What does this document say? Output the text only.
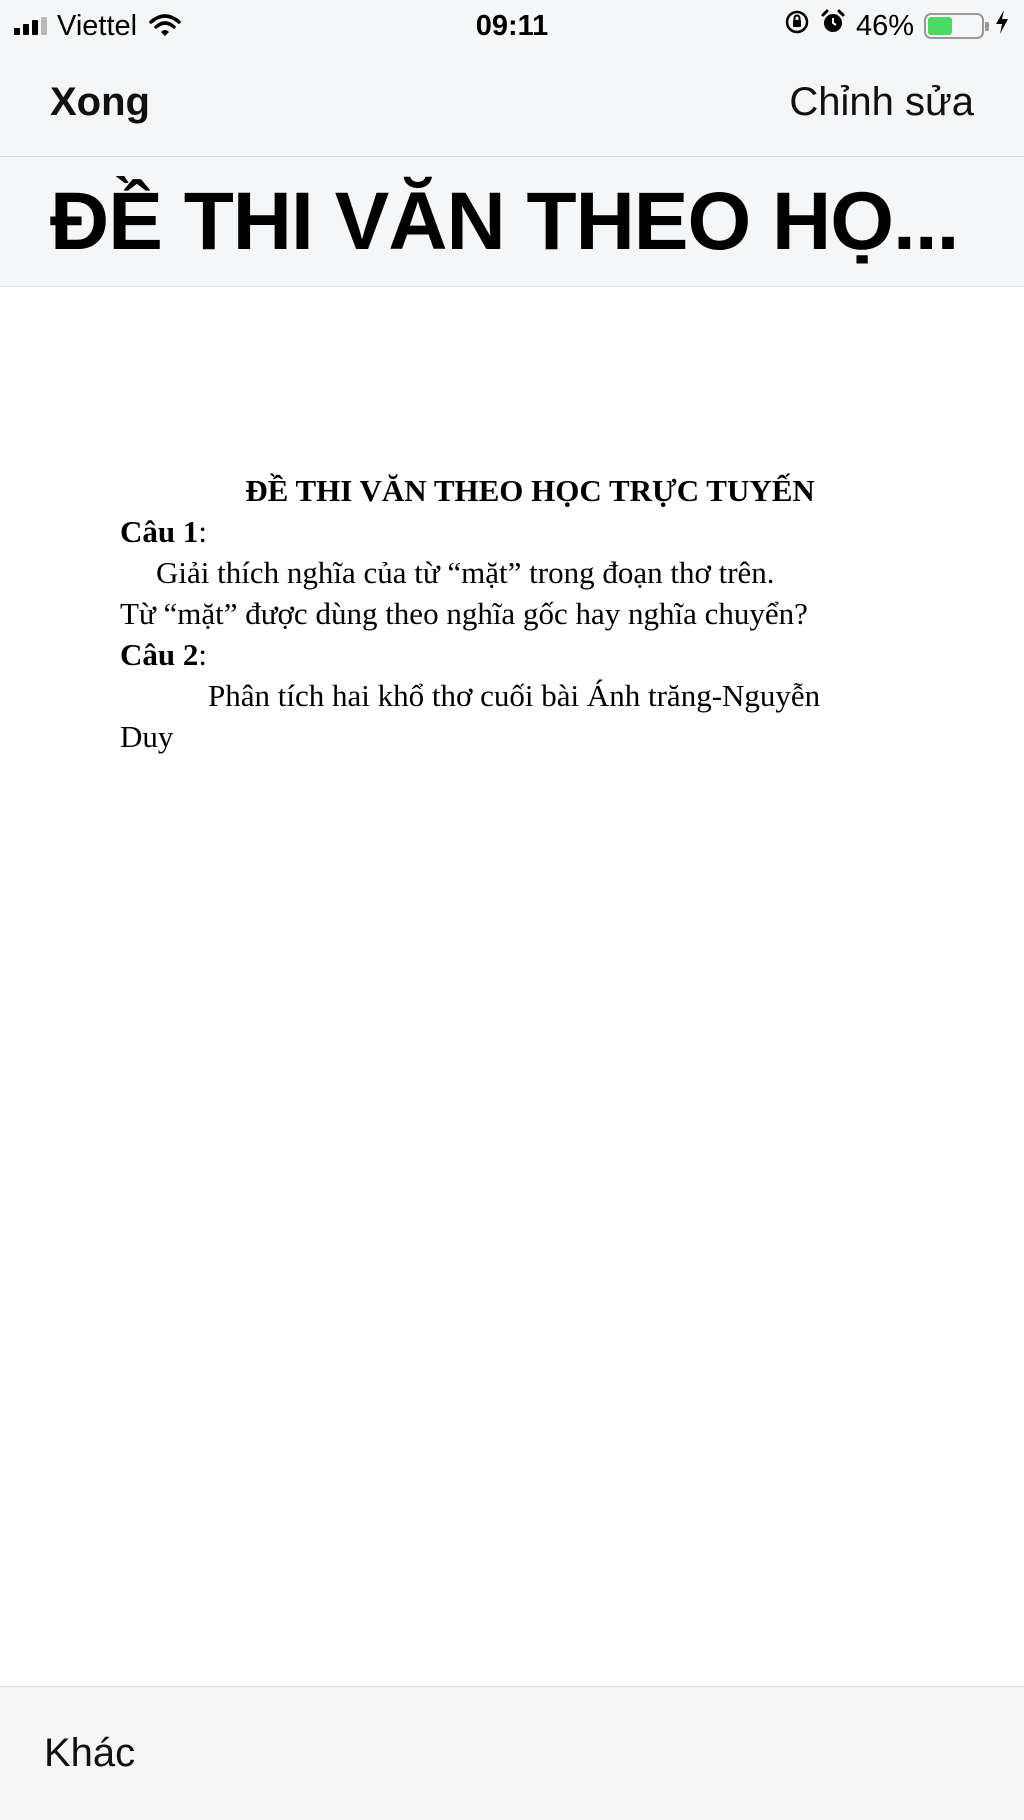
Viettel	09:11	46%
Xong	Chỉnh sửa
ĐỀ THI VĂN THEO HỌ...

ĐỀ THI VĂN THEO HỌC TRỰC TUYẾN

Câu 1:

Giải thích nghĩa của từ “mặt” trong đoạn thơ trên.

Từ “mặt” được dùng theo nghĩa gốc hay nghĩa chuyển?

Câu 2:

Phân tích hai khổ thơ cuối bài Ánh trăng-Nguyễn

Duy

Khác
